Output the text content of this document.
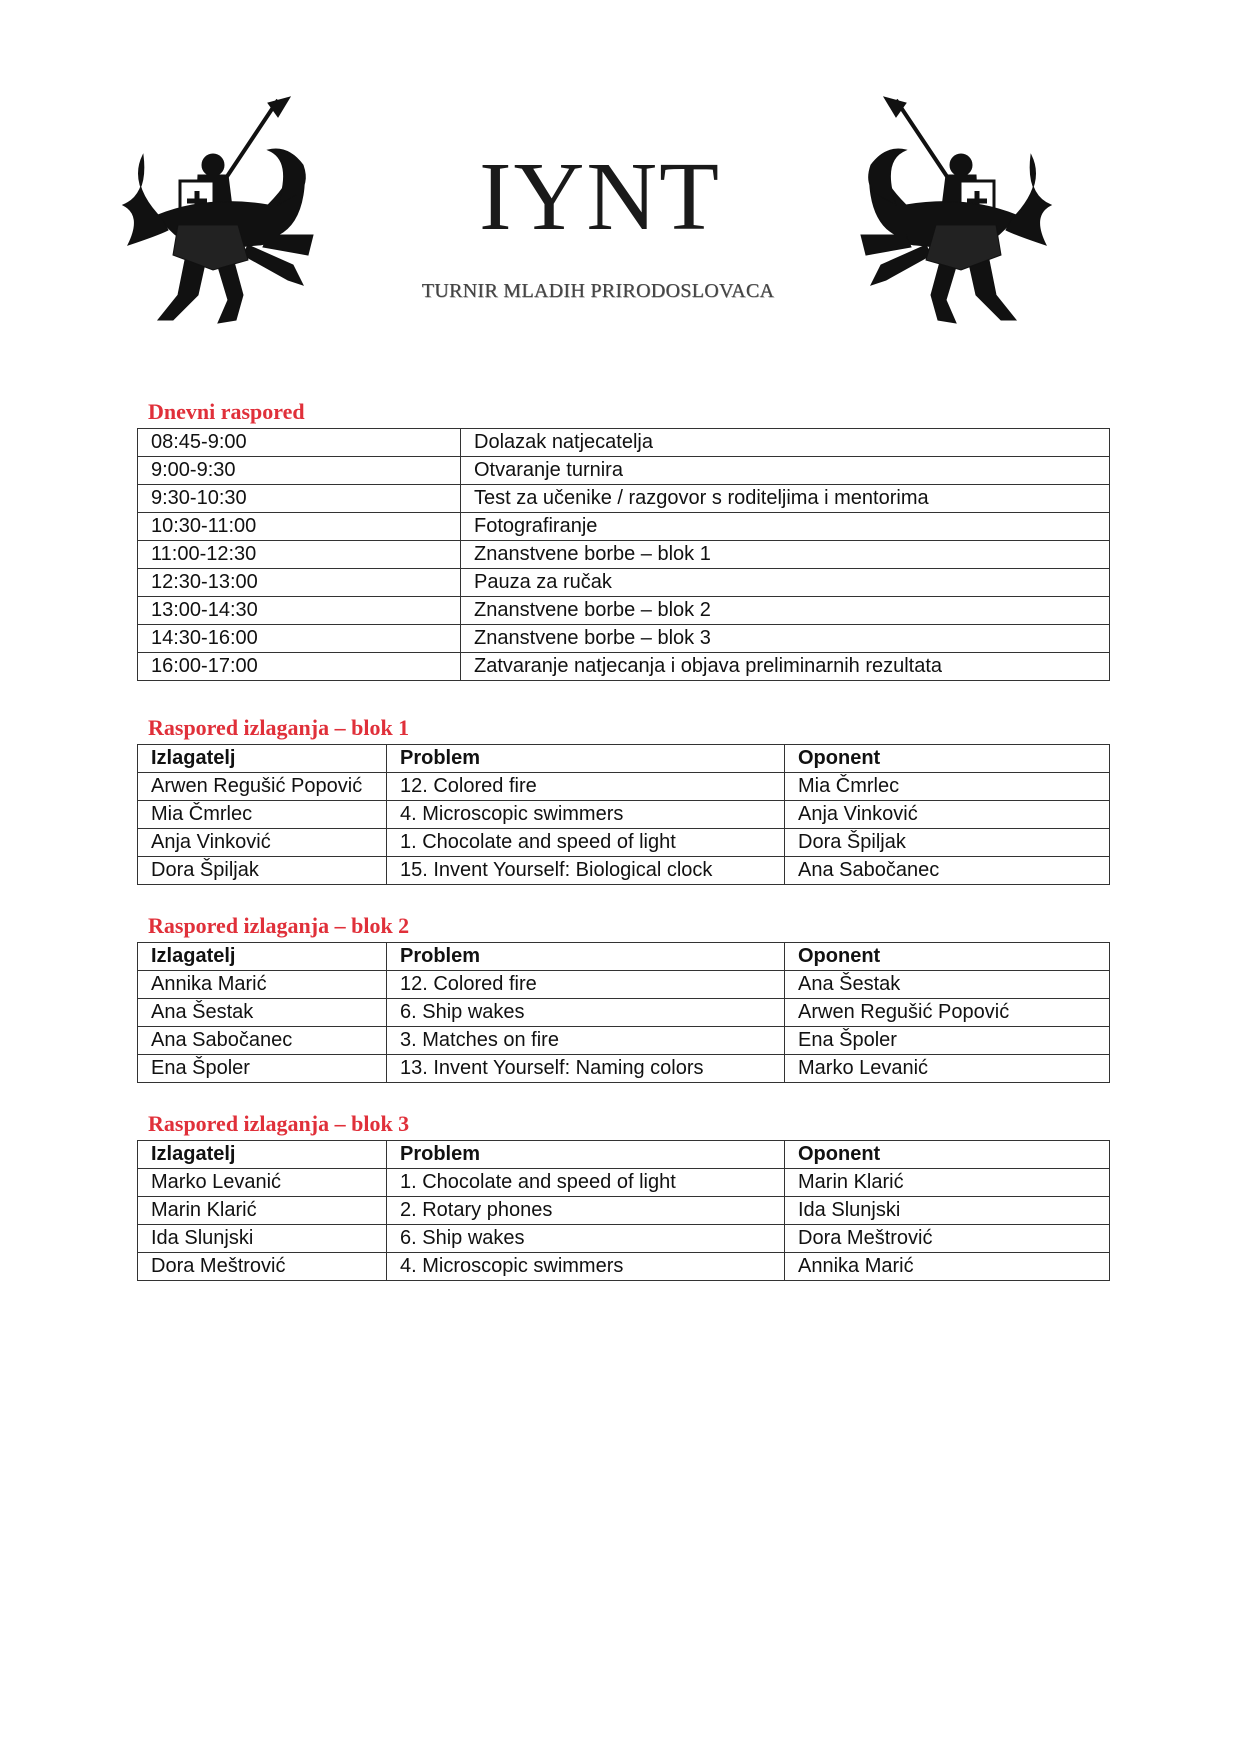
IYNT
TURNIR MLADIH PRIRODOSLOVACA
Dnevni raspored
08:45-9:00	Dolazak natjecatelja
9:00-9:30	Otvaranje turnira
9:30-10:30	Test za učenike / razgovor s roditeljima i mentorima
10:30-11:00	Fotografiranje
11:00-12:30	Znanstvene borbe – blok 1
12:30-13:00	Pauza za ručak
13:00-14:30	Znanstvene borbe – blok 2
14:30-16:00	Znanstvene borbe – blok 3
16:00-17:00	Zatvaranje natjecanja i objava preliminarnih rezultata
Raspored izlaganja – blok 1
Izlagatelj	Problem	Oponent
Arwen Regušić Popović	12. Colored fire	Mia Čmrlec
Mia Čmrlec	4. Microscopic swimmers	Anja Vinković
Anja Vinković	1. Chocolate and speed of light	Dora Špiljak
Dora Špiljak	15. Invent Yourself: Biological clock	Ana Sabočanec
Raspored izlaganja – blok 2
Izlagatelj	Problem	Oponent
Annika Marić	12. Colored fire	Ana Šestak
Ana Šestak	6. Ship wakes	Arwen Regušić Popović
Ana Sabočanec	3. Matches on fire	Ena Špoler
Ena Špoler	13. Invent Yourself: Naming colors	Marko Levanić
Raspored izlaganja – blok 3
Izlagatelj	Problem	Oponent
Marko Levanić	1. Chocolate and speed of light	Marin Klarić
Marin Klarić	2. Rotary phones	Ida Slunjski
Ida Slunjski	6. Ship wakes	Dora Meštrović
Dora Meštrović	4. Microscopic swimmers	Annika Marić
